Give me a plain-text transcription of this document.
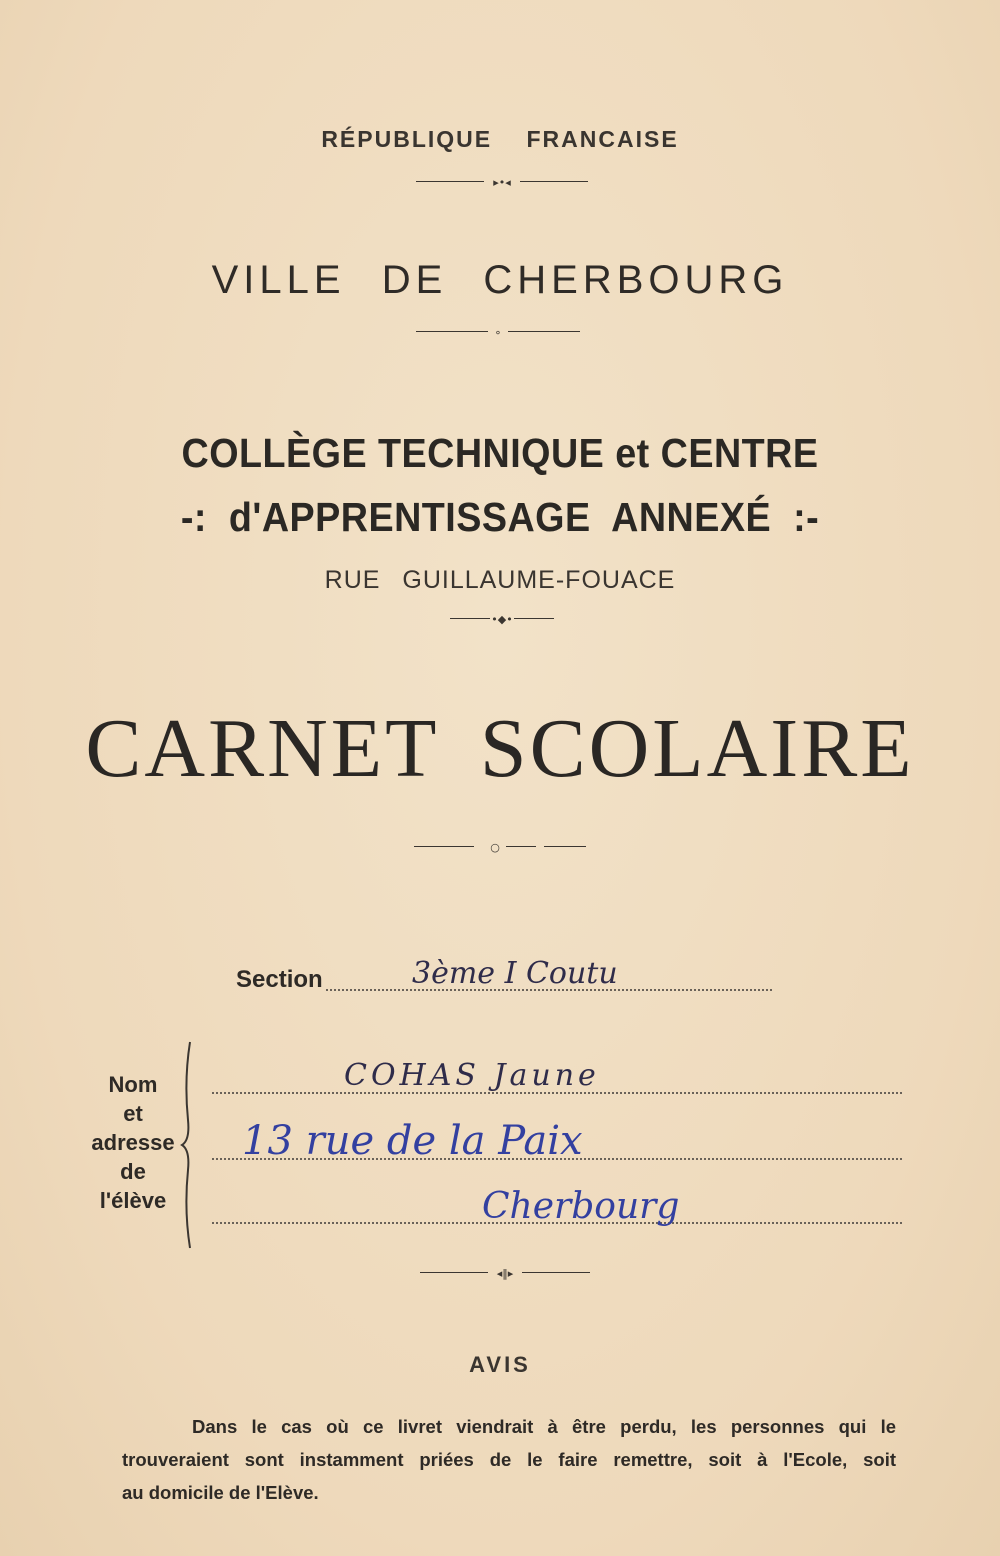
RÉPUBLIQUE FRANCAISE
▸•◂
VILLE DE CHERBOURG
∘
COLLÈGE TECHNIQUE et CENTRE
-: d'APPRENTISSAGE ANNEXÉ :-
RUE GUILLAUME-FOUACE
•◆•
CARNET SCOLAIRE
○
Section	3ème I Coutu
Nom
et
adresse
de
l'élève
COHAS Jaune
13 rue de la Paix
Cherbourg
◂‖▸
AVIS
Dans le cas où ce livret viendrait à être perdu, les personnes qui le
trouveraient sont instamment priées de le faire remettre, soit à l'Ecole, soit
au domicile de l'Elève.
